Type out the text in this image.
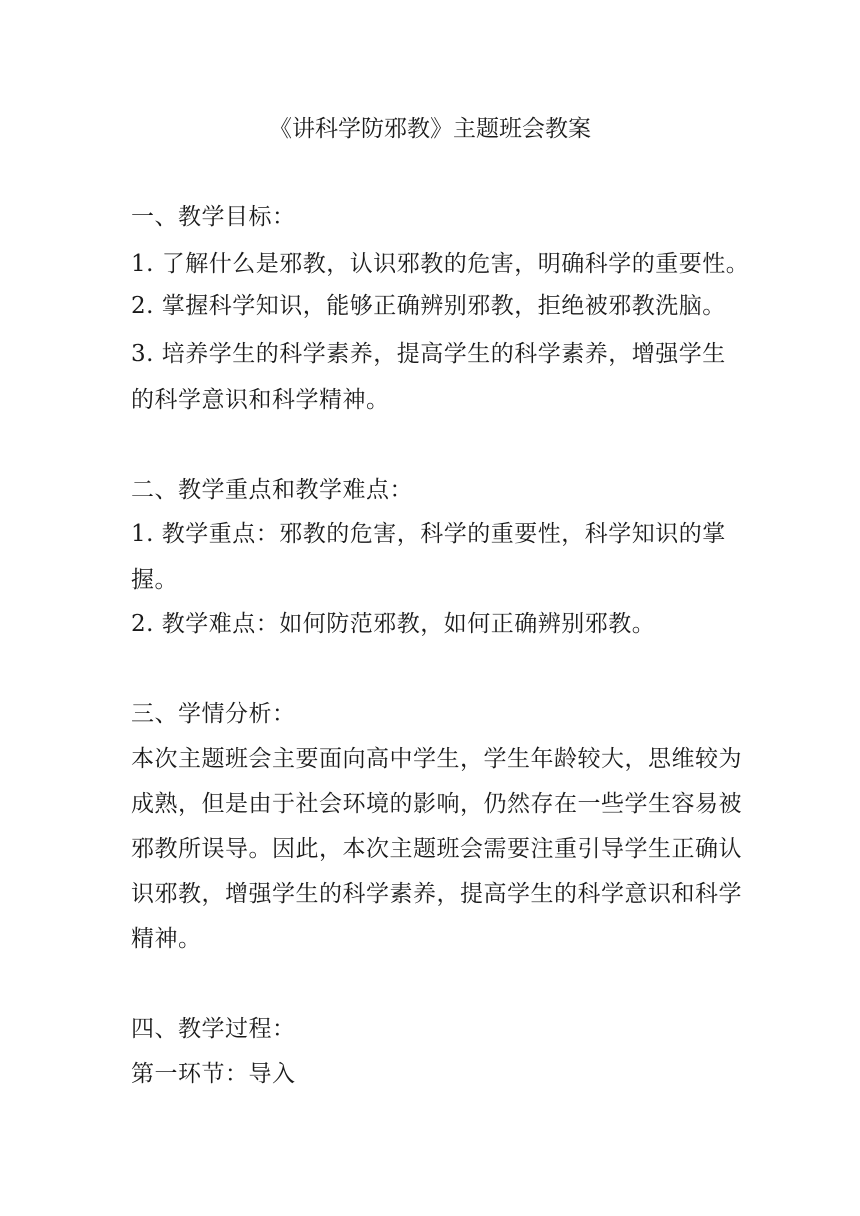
《讲科学防邪教》主题班会教案

一、教学目标：

1. 了解什么是邪教，认识邪教的危害，明确科学的重要性。

2. 掌握科学知识，能够正确辨别邪教，拒绝被邪教洗脑。

3. 培养学生的科学素养，提高学生的科学素养，增强学生

的科学意识和科学精神。

二、教学重点和教学难点：

1. 教学重点：邪教的危害，科学的重要性，科学知识的掌

握。

2. 教学难点：如何防范邪教，如何正确辨别邪教。

三、学情分析：

本次主题班会主要面向高中学生，学生年龄较大，思维较为

成熟，但是由于社会环境的影响，仍然存在一些学生容易被

邪教所误导。因此，本次主题班会需要注重引导学生正确认

识邪教，增强学生的科学素养，提高学生的科学意识和科学

精神。

四、教学过程：

第一环节：导入
